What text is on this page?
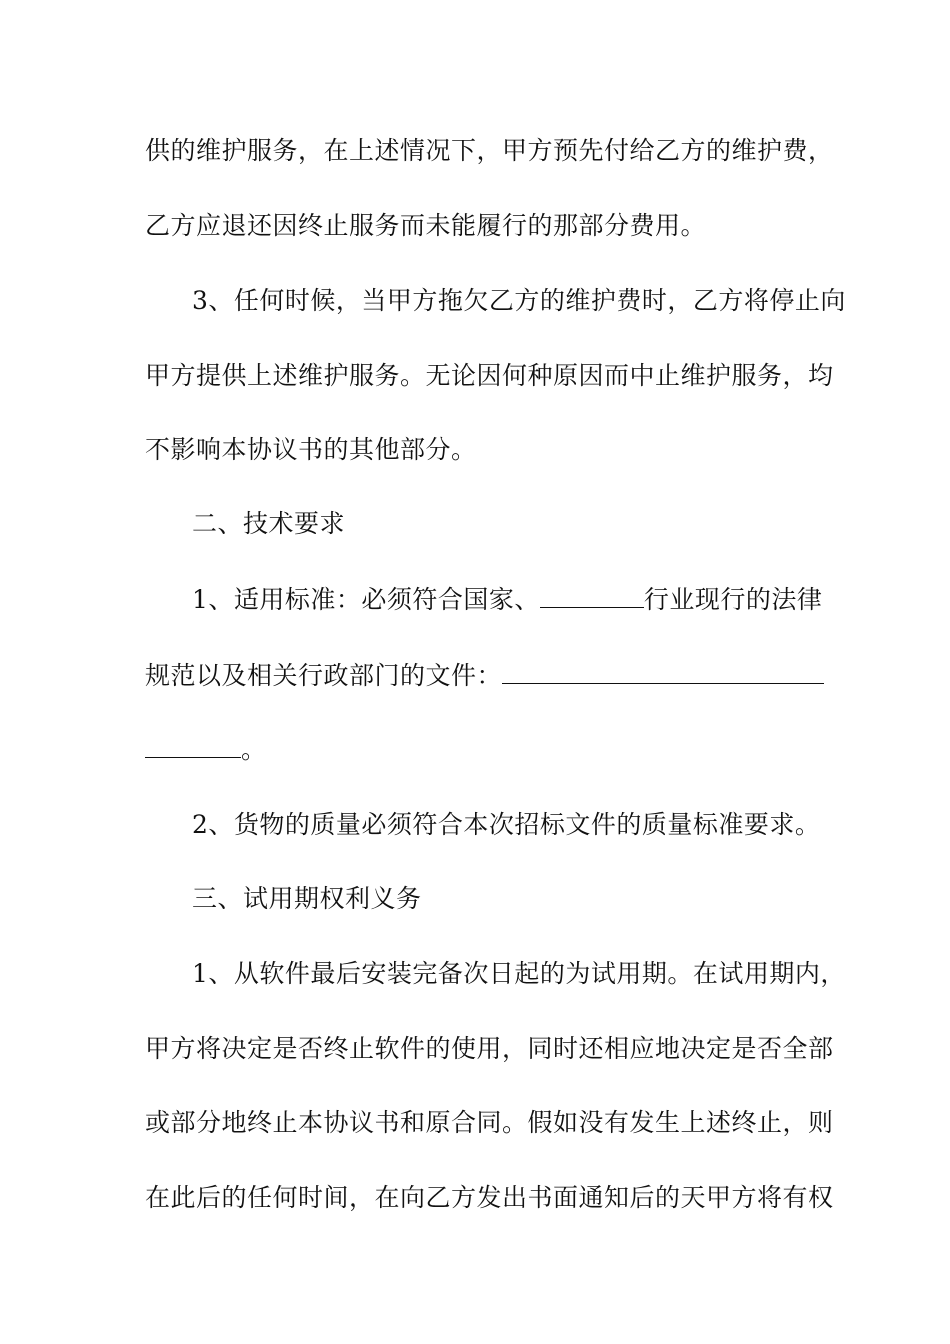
供的维护服务，在上述情况下，甲方预先付给乙方的维护费，
乙方应退还因终止服务而未能履行的那部分费用。
3、任何时候，当甲方拖欠乙方的维护费时，乙方将停止向
甲方提供上述维护服务。无论因何种原因而中止维护服务，均
不影响本协议书的其他部分。
二、技术要求
1、适用标准：必须符合国家、	行业现行的法律
规范以及相关行政部门的文件：
。
2、货物的质量必须符合本次招标文件的质量标准要求。
三、试用期权利义务
1、从软件最后安装完备次日起的为试用期。在试用期内，
甲方将决定是否终止软件的使用，同时还相应地决定是否全部
或部分地终止本协议书和原合同。假如没有发生上述终止，则
在此后的任何时间，在向乙方发出书面通知后的天甲方将有权
